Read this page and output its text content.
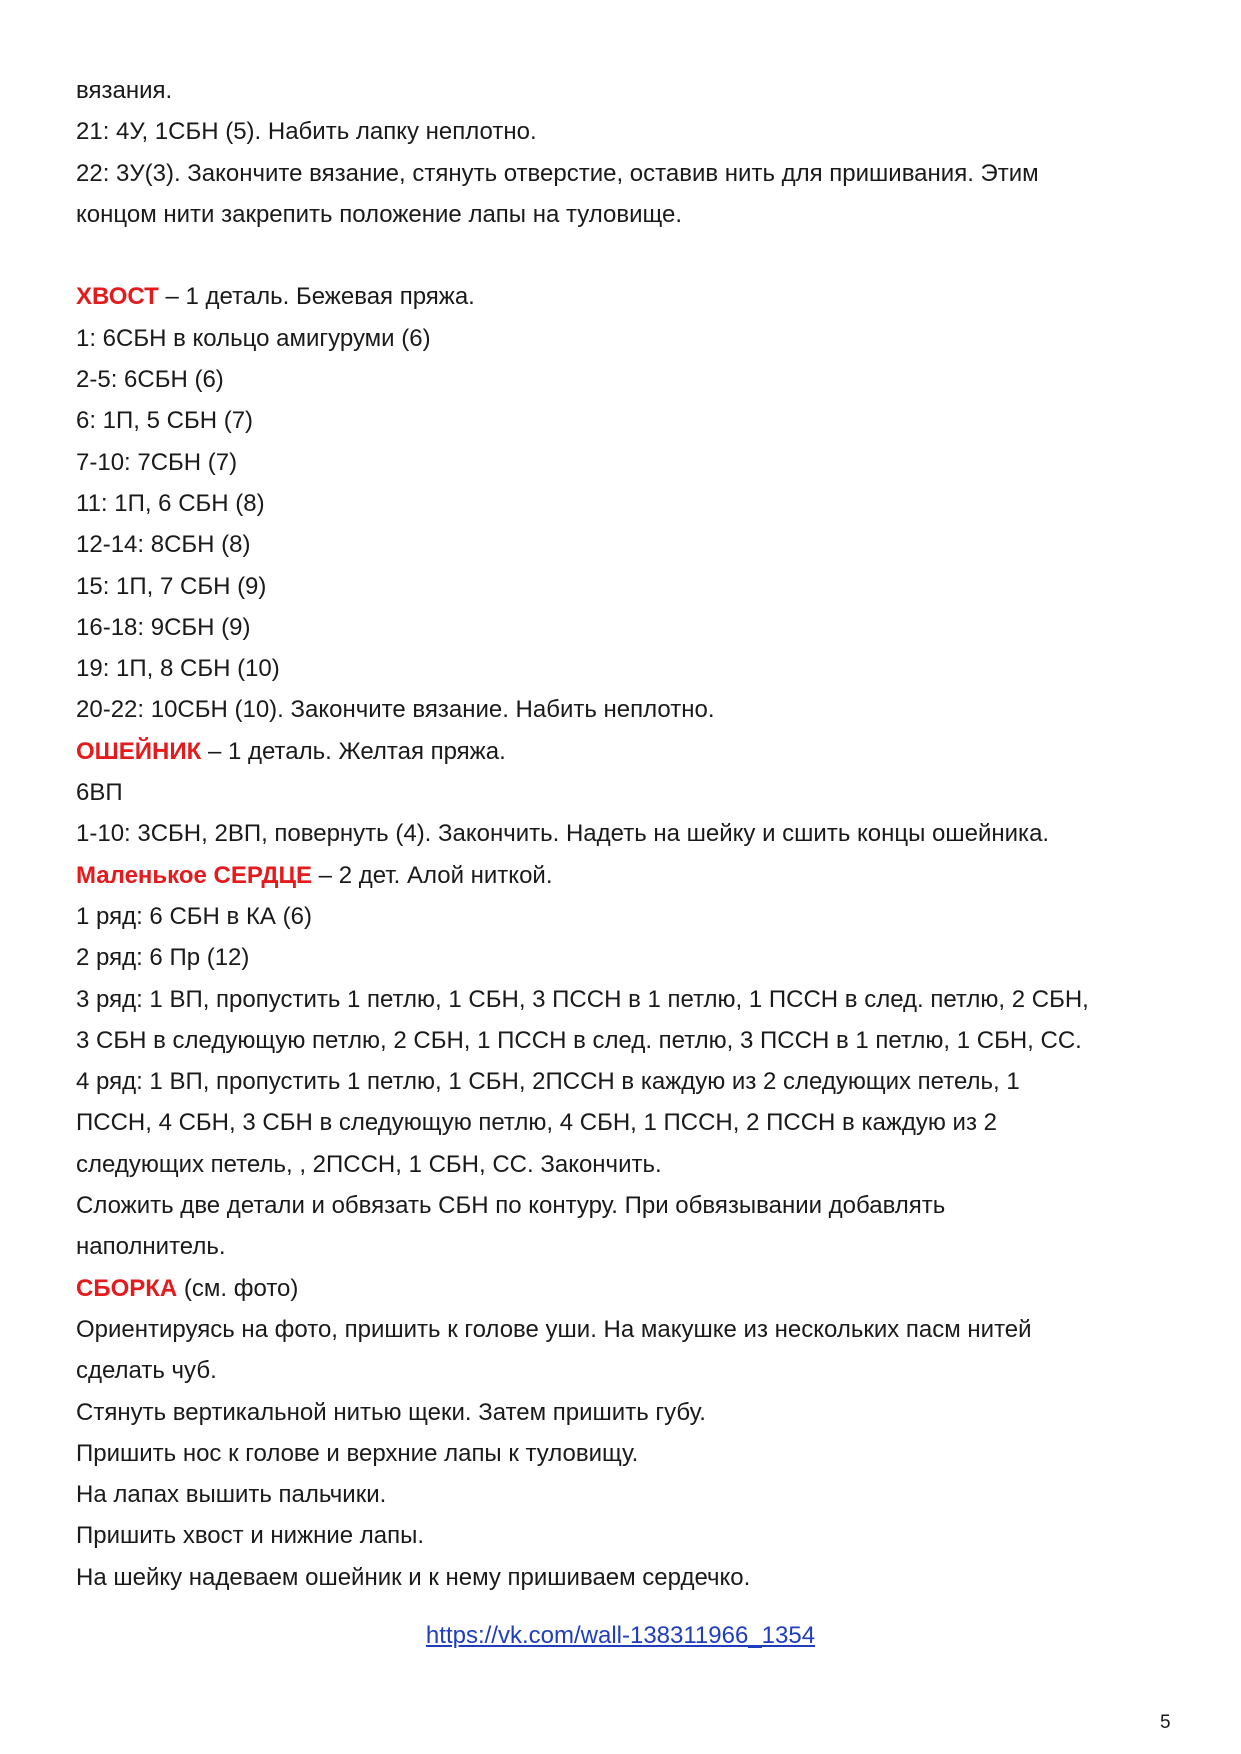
вязания.
21: 4У, 1СБН (5). Набить лапку неплотно.
22: 3У(3). Закончите вязание, стянуть отверстие, оставив нить для пришивания. Этим
концом нити закрепить положение лапы на туловище.
ХВОСТ – 1 деталь. Бежевая пряжа.
1: 6СБН в кольцо амигуруми (6)
2-5: 6СБН (6)
6: 1П, 5 СБН (7)
7-10: 7СБН (7)
11: 1П, 6 СБН (8)
12-14: 8СБН (8)
15: 1П, 7 СБН (9)
16-18: 9СБН (9)
19: 1П, 8 СБН (10)
20-22: 10СБН (10). Закончите вязание. Набить неплотно.
ОШЕЙНИК – 1 деталь. Желтая пряжа.
6ВП
1-10: 3СБН, 2ВП, повернуть (4). Закончить. Надеть на шейку и сшить концы ошейника.
Маленькое СЕРДЦЕ – 2 дет. Алой ниткой.
1 ряд: 6 СБН в КА (6)
2 ряд: 6 Пр (12)
3 ряд: 1 ВП, пропустить 1 петлю, 1 СБН, 3 ПССН в 1 петлю, 1 ПССН в след. петлю, 2 СБН,
3 СБН в следующую петлю, 2 СБН, 1 ПССН в след. петлю, 3 ПССН в 1 петлю, 1 СБН, СС.
4 ряд: 1 ВП, пропустить 1 петлю, 1 СБН, 2ПССН в каждую из 2 следующих петель, 1
ПССН, 4 СБН, 3 СБН в следующую петлю, 4 СБН, 1 ПССН, 2 ПССН в каждую из 2
следующих петель, , 2ПССН, 1 СБН, СС. Закончить.
Сложить две детали и обвязать СБН по контуру. При обвязывании добавлять
наполнитель.
СБОРКА (см. фото)
Ориентируясь на фото, пришить к голове уши. На макушке из нескольких пасм нитей
сделать чуб.
Стянуть вертикальной нитью щеки. Затем пришить губу.
Пришить нос к голове и верхние лапы к туловищу.
На лапах вышить пальчики.
Пришить хвост и нижние лапы.
На шейку надеваем ошейник и к нему пришиваем сердечко.
https://vk.com/wall-138311966_1354
5
